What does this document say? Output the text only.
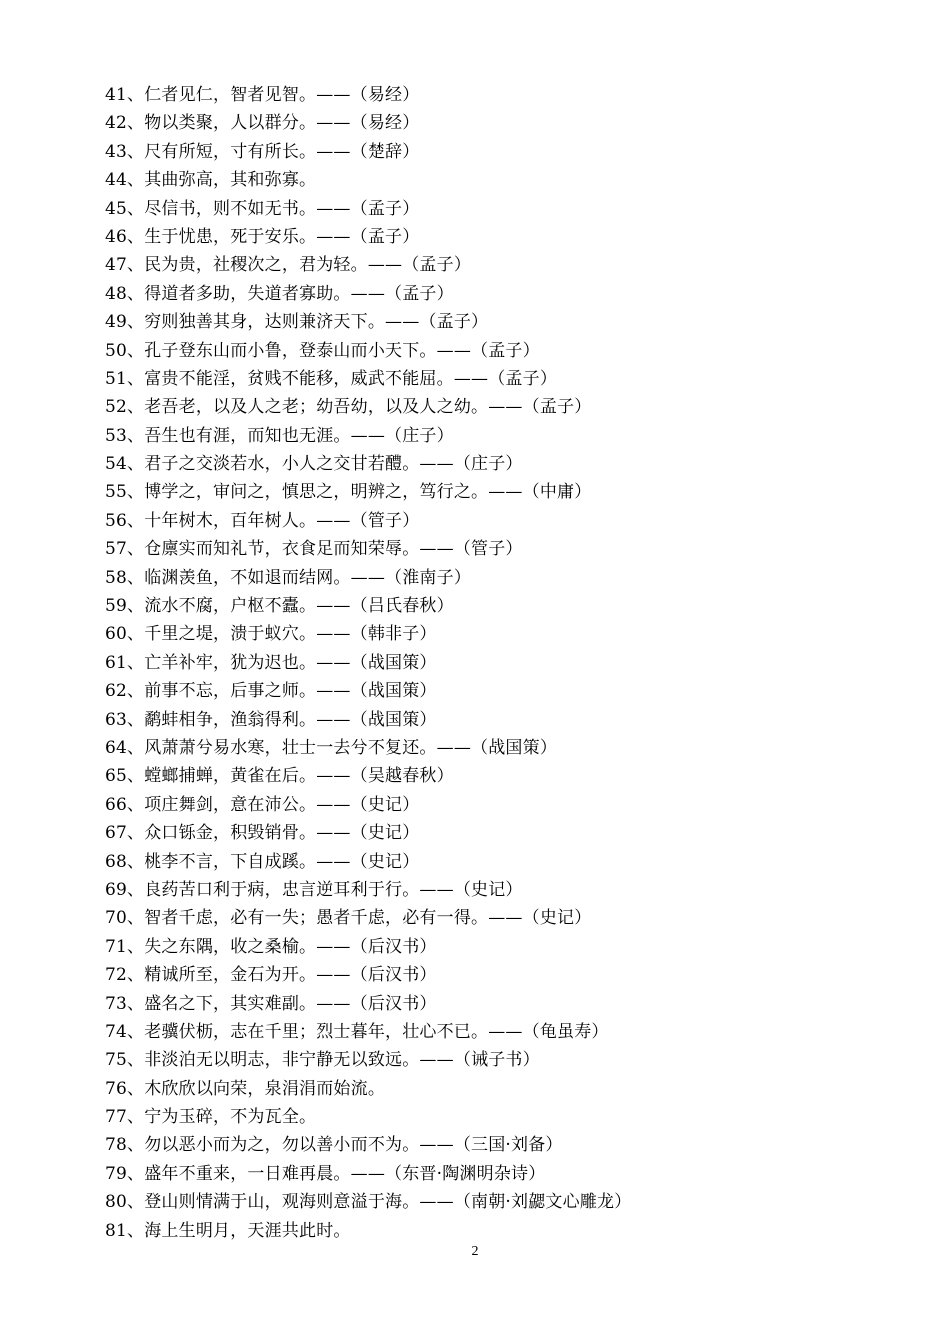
41、仁者见仁，智者见智。——（易经）
42、物以类聚，人以群分。——（易经）
43、尺有所短，寸有所长。——（楚辞）
44、其曲弥高，其和弥寡。
45、尽信书，则不如无书。——（孟子）
46、生于忧患，死于安乐。——（孟子）
47、民为贵，社稷次之，君为轻。——（孟子）
48、得道者多助，失道者寡助。——（孟子）
49、穷则独善其身，达则兼济天下。——（孟子）
50、孔子登东山而小鲁，登泰山而小天下。——（孟子）
51、富贵不能淫，贫贱不能移，威武不能屈。——（孟子）
52、老吾老，以及人之老；幼吾幼，以及人之幼。——（孟子）
53、吾生也有涯，而知也无涯。——（庄子）
54、君子之交淡若水，小人之交甘若醴。——（庄子）
55、博学之，审问之，慎思之，明辨之，笃行之。——（中庸）
56、十年树木，百年树人。——（管子）
57、仓廪实而知礼节，衣食足而知荣辱。——（管子）
58、临渊羡鱼，不如退而结网。——（淮南子）
59、流水不腐，户枢不蠹。——（吕氏春秋）
60、千里之堤，溃于蚁穴。——（韩非子）
61、亡羊补牢，犹为迟也。——（战国策）
62、前事不忘，后事之师。——（战国策）
63、鹬蚌相争，渔翁得利。——（战国策）
64、风萧萧兮易水寒，壮士一去兮不复还。——（战国策）
65、螳螂捕蝉，黄雀在后。——（吴越春秋）
66、项庄舞剑，意在沛公。——（史记）
67、众口铄金，积毁销骨。——（史记）
68、桃李不言，下自成蹊。——（史记）
69、良药苦口利于病，忠言逆耳利于行。——（史记）
70、智者千虑，必有一失；愚者千虑，必有一得。——（史记）
71、失之东隅，收之桑榆。——（后汉书）
72、精诚所至，金石为开。——（后汉书）
73、盛名之下，其实难副。——（后汉书）
74、老骥伏枥，志在千里；烈士暮年，壮心不已。——（龟虽寿）
75、非淡泊无以明志，非宁静无以致远。——（诫子书）
76、木欣欣以向荣，泉涓涓而始流。
77、宁为玉碎，不为瓦全。
78、勿以恶小而为之，勿以善小而不为。——（三国·刘备）
79、盛年不重来，一日难再晨。——（东晋·陶渊明杂诗）
80、登山则情满于山，观海则意溢于海。——（南朝·刘勰文心雕龙）
81、海上生明月，天涯共此时。
2
